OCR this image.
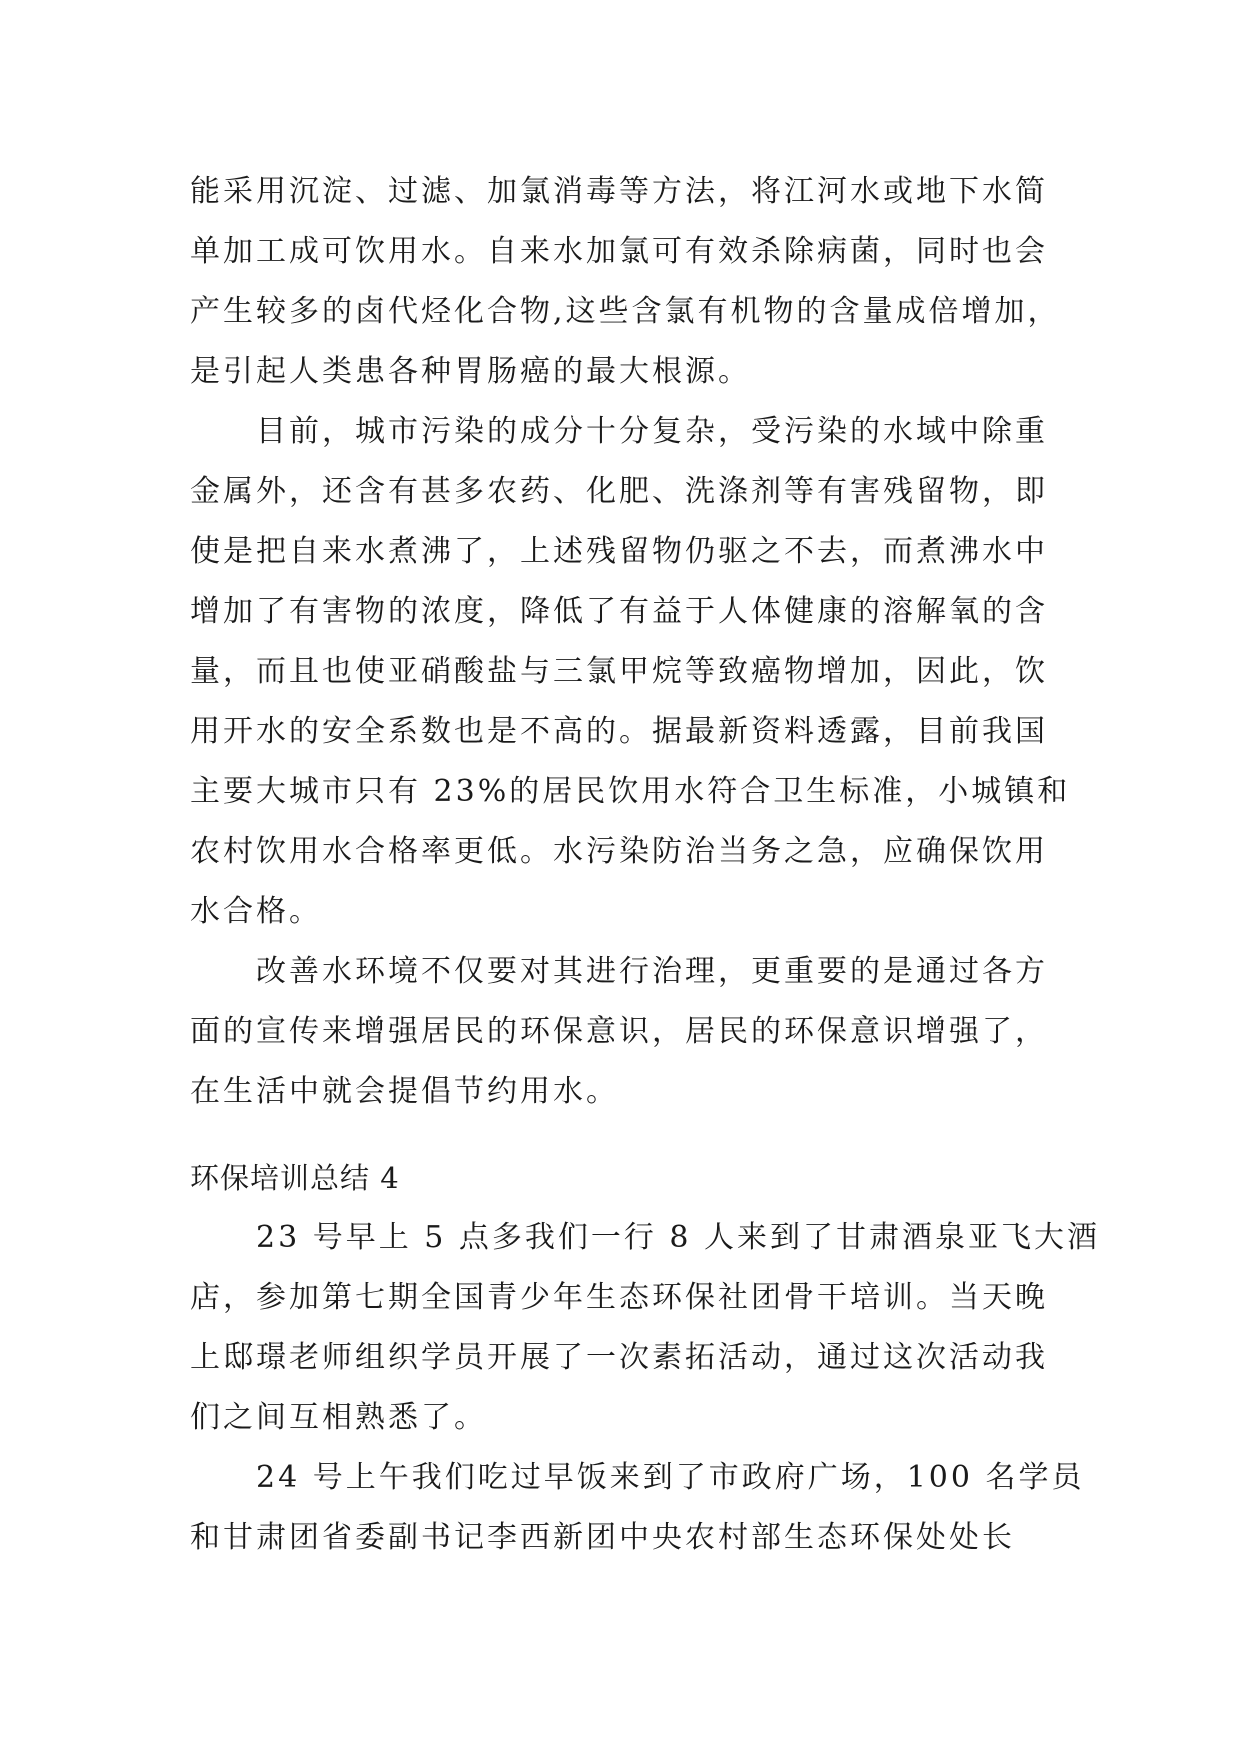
能采用沉淀、过滤、加氯消毒等方法，将江河水或地下水简
单加工成可饮用水。自来水加氯可有效杀除病菌，同时也会
产生较多的卤代烃化合物,这些含氯有机物的含量成倍增加，
是引起人类患各种胃肠癌的最大根源。
目前，城市污染的成分十分复杂，受污染的水域中除重
金属外，还含有甚多农药、化肥、洗涤剂等有害残留物，即
使是把自来水煮沸了，上述残留物仍驱之不去，而煮沸水中
增加了有害物的浓度，降低了有益于人体健康的溶解氧的含
量，而且也使亚硝酸盐与三氯甲烷等致癌物增加，因此，饮
用开水的安全系数也是不高的。据最新资料透露，目前我国
主要大城市只有 23%的居民饮用水符合卫生标准，小城镇和
农村饮用水合格率更低。水污染防治当务之急，应确保饮用
水合格。
改善水环境不仅要对其进行治理，更重要的是通过各方
面的宣传来增强居民的环保意识，居民的环保意识增强了，
在生活中就会提倡节约用水。
环保培训总结 4
23 号早上 5 点多我们一行 8 人来到了甘肃酒泉亚飞大酒
店，参加第七期全国青少年生态环保社团骨干培训。当天晚
上邸璟老师组织学员开展了一次素拓活动，通过这次活动我
们之间互相熟悉了。
24 号上午我们吃过早饭来到了市政府广场，100 名学员
和甘肃团省委副书记李西新团中央农村部生态环保处处长
